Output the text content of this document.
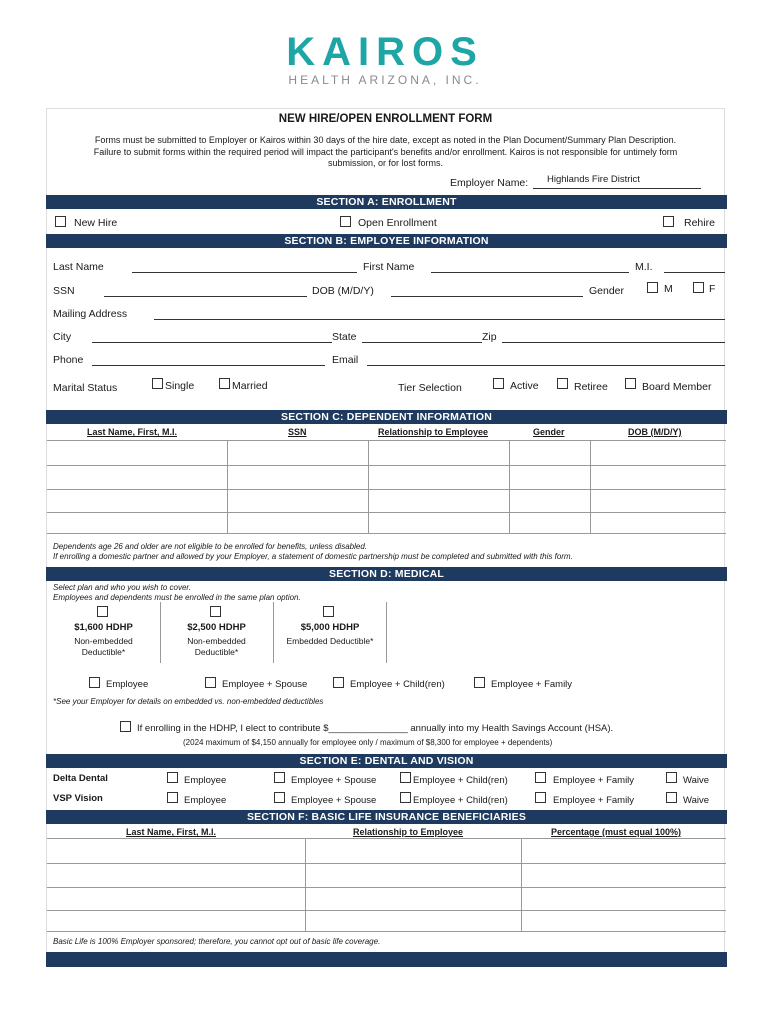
KAIROS
HEALTH ARIZONA, INC.
NEW HIRE/OPEN ENROLLMENT FORM
Forms must be submitted to Employer or Kairos within 30 days of the hire date, except as noted in the Plan Document/Summary Plan Description.
Failure to submit forms within the required period will impact the participant's benefits and/or enrollment. Kairos is not responsible for untimely form
submission, or for lost forms.
Employer Name: Highlands Fire District
SECTION A: ENROLLMENT
New Hire	Open Enrollment	Rehire
SECTION B: EMPLOYEE INFORMATION
Last Name	First Name	M.I.
SSN	DOB (M/D/Y)	Gender	M	F
Mailing Address
City	State	Zip
Phone	Email
Marital Status	Single	Married	Tier Selection	Active	Retiree	Board Member
SECTION C: DEPENDENT INFORMATION
Last Name, First, M.I.	SSN	Relationship to Employee	Gender	DOB (M/D/Y)
Dependents age 26 and older are not eligible to be enrolled for benefits, unless disabled.
If enrolling a domestic partner and allowed by your Employer, a statement of domestic partnership must be completed and submitted with this form.
SECTION D: MEDICAL
Select plan and who you wish to cover.
Employees and dependents must be enrolled in the same plan option.
$1,600 HDHP
Non-embedded
Deductible*
$2,500 HDHP
Non-embedded
Deductible*
$5,000 HDHP
Embedded Deductible*
Employee	Employee + Spouse	Employee + Child(ren)	Employee + Family
*See your Employer for details on embedded vs. non-embedded deductibles
If enrolling in the HDHP, I elect to contribute $_______________ annually into my Health Savings Account (HSA).
(2024 maximum of $4,150 annually for employee only / maximum of $8,300 for employee + dependents)
SECTION E: DENTAL AND VISION
Delta Dental	Employee	Employee + Spouse	Employee + Child(ren)	Employee + Family	Waive
VSP Vision	Employee	Employee + Spouse	Employee + Child(ren)	Employee + Family	Waive
SECTION F: BASIC LIFE INSURANCE BENEFICIARIES
Last Name, First, M.I.	Relationship to Employee	Percentage (must equal 100%)
Basic Life is 100% Employer sponsored; therefore, you cannot opt out of basic life coverage.
